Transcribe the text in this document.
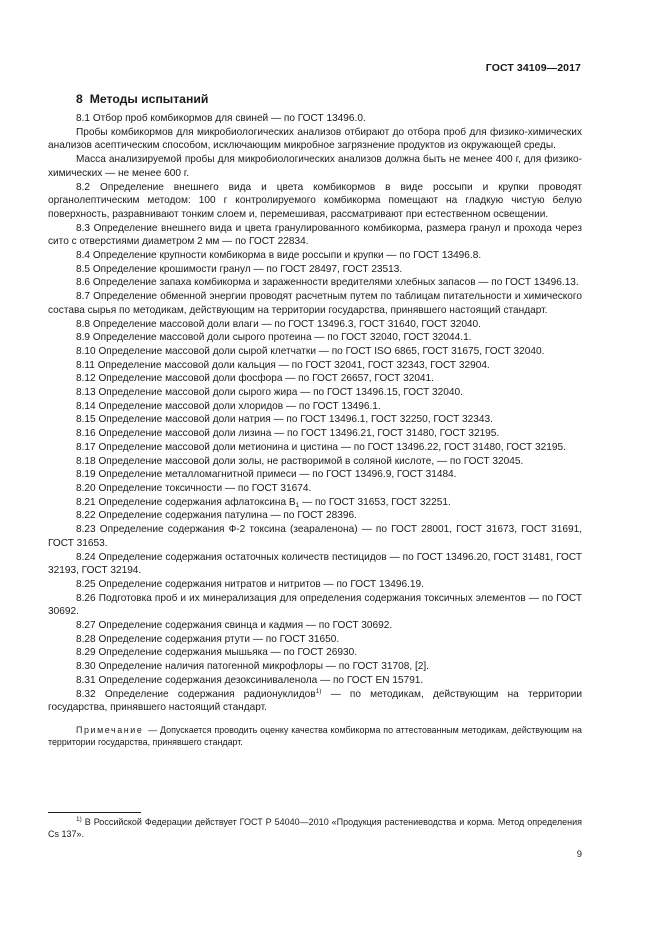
ГОСТ 34109—2017
8 Методы испытаний

8.1 Отбор проб комбикормов для свиней — по ГОСТ 13496.0.

Пробы комбикормов для микробиологических анализов отбирают до отбора проб для физико-химических анализов асептическим способом, исключающим микробное загрязнение продуктов из окружающей среды.

Масса анализируемой пробы для микробиологических анализов должна быть не менее 400 г, для физико-химических — не менее 600 г.

8.2 Определение внешнего вида и цвета комбикормов в виде россыпи и крупки проводят органолептическим методом: 100 г контролируемого комбикорма помещают на гладкую чистую белую поверхность, разравнивают тонким слоем и, перемешивая, рассматривают при естественном освещении.

8.3 Определение внешнего вида и цвета гранулированного комбикорма, размера гранул и прохода через сито с отверстиями диаметром 2 мм — по ГОСТ 22834.

8.4 Определение крупности комбикорма в виде россыпи и крупки — по ГОСТ 13496.8.

8.5 Определение крошимости гранул — по ГОСТ 28497, ГОСТ 23513.

8.6 Определение запаха комбикорма и зараженности вредителями хлебных запасов — по ГОСТ 13496.13.

8.7 Определение обменной энергии проводят расчетным путем по таблицам питательности и химического состава сырья по методикам, действующим на территории государства, принявшего настоящий стандарт.

8.8 Определение массовой доли влаги — по ГОСТ 13496.3, ГОСТ 31640, ГОСТ 32040.

8.9 Определение массовой доли сырого протеина — по ГОСТ 32040, ГОСТ 32044.1.

8.10 Определение массовой доли сырой клетчатки — по ГОСТ ISO 6865, ГОСТ 31675, ГОСТ 32040.

8.11 Определение массовой доли кальция — по ГОСТ 32041, ГОСТ 32343, ГОСТ 32904.

8.12 Определение массовой доли фосфора — по ГОСТ 26657, ГОСТ 32041.

8.13 Определение массовой доли сырого жира — по ГОСТ 13496.15, ГОСТ 32040.

8.14 Определение массовой доли хлоридов — по ГОСТ 13496.1.

8.15 Определение массовой доли натрия — по ГОСТ 13496.1, ГОСТ 32250, ГОСТ 32343.

8.16 Определение массовой доли лизина — по ГОСТ 13496.21, ГОСТ 31480, ГОСТ 32195.

8.17 Определение массовой доли метионина и цистина — по ГОСТ 13496.22, ГОСТ 31480, ГОСТ 32195.

8.18 Определение массовой доли золы, не растворимой в соляной кислоте, — по ГОСТ 32045.

8.19 Определение металломагнитной примеси — по ГОСТ 13496.9, ГОСТ 31484.

8.20 Определение токсичности — по ГОСТ 31674.

8.21 Определение содержания афлатоксина $В_1$ — по ГОСТ 31653, ГОСТ 32251.

8.22 Определение содержания патулина — по ГОСТ 28396.

8.23 Определение содержания Ф-2 токсина (зеараленона) — по ГОСТ 28001, ГОСТ 31673, ГОСТ 31691, ГОСТ 31653.

8.24 Определение содержания остаточных количеств пестицидов — по ГОСТ 13496.20, ГОСТ 31481, ГОСТ 32193, ГОСТ 32194.

8.25 Определение содержания нитратов и нитритов — по ГОСТ 13496.19.

8.26 Подготовка проб и их минерализация для определения содержания токсичных элементов — по ГОСТ 30692.

8.27 Определение содержания свинца и кадмия — по ГОСТ 30692.

8.28 Определение содержания ртути — по ГОСТ 31650.

8.29 Определение содержания мышьяка — по ГОСТ 26930.

8.30 Определение наличия патогенной микрофлоры — по ГОСТ 31708, [2].

8.31 Определение содержания дезоксиниваленола — по ГОСТ EN 15791.

8.32 Определение содержания радионуклидов$^{1)}$ — по методикам, действующим на территории государства, принявшего настоящий стандарт.

Примечание — Допускается проводить оценку качества комбикорма по аттестованным методикам, действующим на территории государства, принявшего стандарт.

$^{1)}$ В Российской Федерации действует ГОСТ Р 54040—2010 «Продукция растениеводства и корма. Метод определения Cs 137».

9
